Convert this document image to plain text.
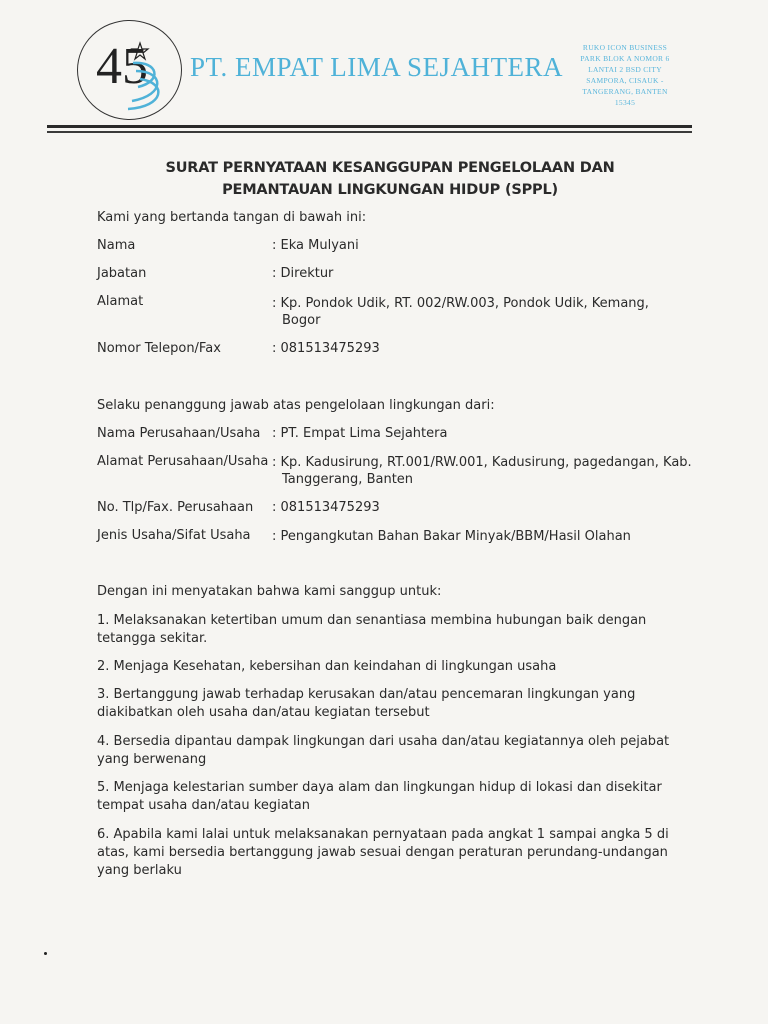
45 PT. EMPAT LIMA SEJAHTERA
RUKO ICON BUSINESS
PARK BLOK A NOMOR 6
LANTAI 2 BSD CITY
SAMPORA, CISAUK -
TANGERANG, BANTEN
15345
SURAT PERNYATAAN KESANGGUPAN PENGELOLAAN DAN
PEMANTAUAN LINGKUNGAN HIDUP (SPPL)
Kami yang bertanda tangan di bawah ini:
Nama	: Eka Mulyani
Jabatan	: Direktur
Alamat	: Kp. Pondok Udik, RT. 002/RW.003, Pondok Udik, Kemang,
Bogor
Nomor Telepon/Fax	: 081513475293
Selaku penanggung jawab atas pengelolaan lingkungan dari:
Nama Perusahaan/Usaha : PT. Empat Lima Sejahtera
Alamat Perusahaan/Usaha : Kp. Kadusirung, RT.001/RW.001, Kadusirung, pagedangan, Kab.
Tanggerang, Banten
No. Tlp/Fax. Perusahaan : 081513475293
Jenis Usaha/Sifat Usaha : Pengangkutan Bahan Bakar Minyak/BBM/Hasil Olahan
Dengan ini menyatakan bahwa kami sanggup untuk:
1. Melaksanakan ketertiban umum dan senantiasa membina hubungan baik dengan tetangga sekitar.
2. Menjaga Kesehatan, kebersihan dan keindahan di lingkungan usaha
3. Bertanggung jawab terhadap kerusakan dan/atau pencemaran lingkungan yang diakibatkan oleh usaha dan/atau kegiatan tersebut
4. Bersedia dipantau dampak lingkungan dari usaha dan/atau kegiatannya oleh pejabat yang berwenang
5. Menjaga kelestarian sumber daya alam dan lingkungan hidup di lokasi dan disekitar tempat usaha dan/atau kegiatan
6. Apabila kami lalai untuk melaksanakan pernyataan pada angkat 1 sampai angka 5 di atas, kami bersedia bertanggung jawab sesuai dengan peraturan perundang-undangan yang berlaku
